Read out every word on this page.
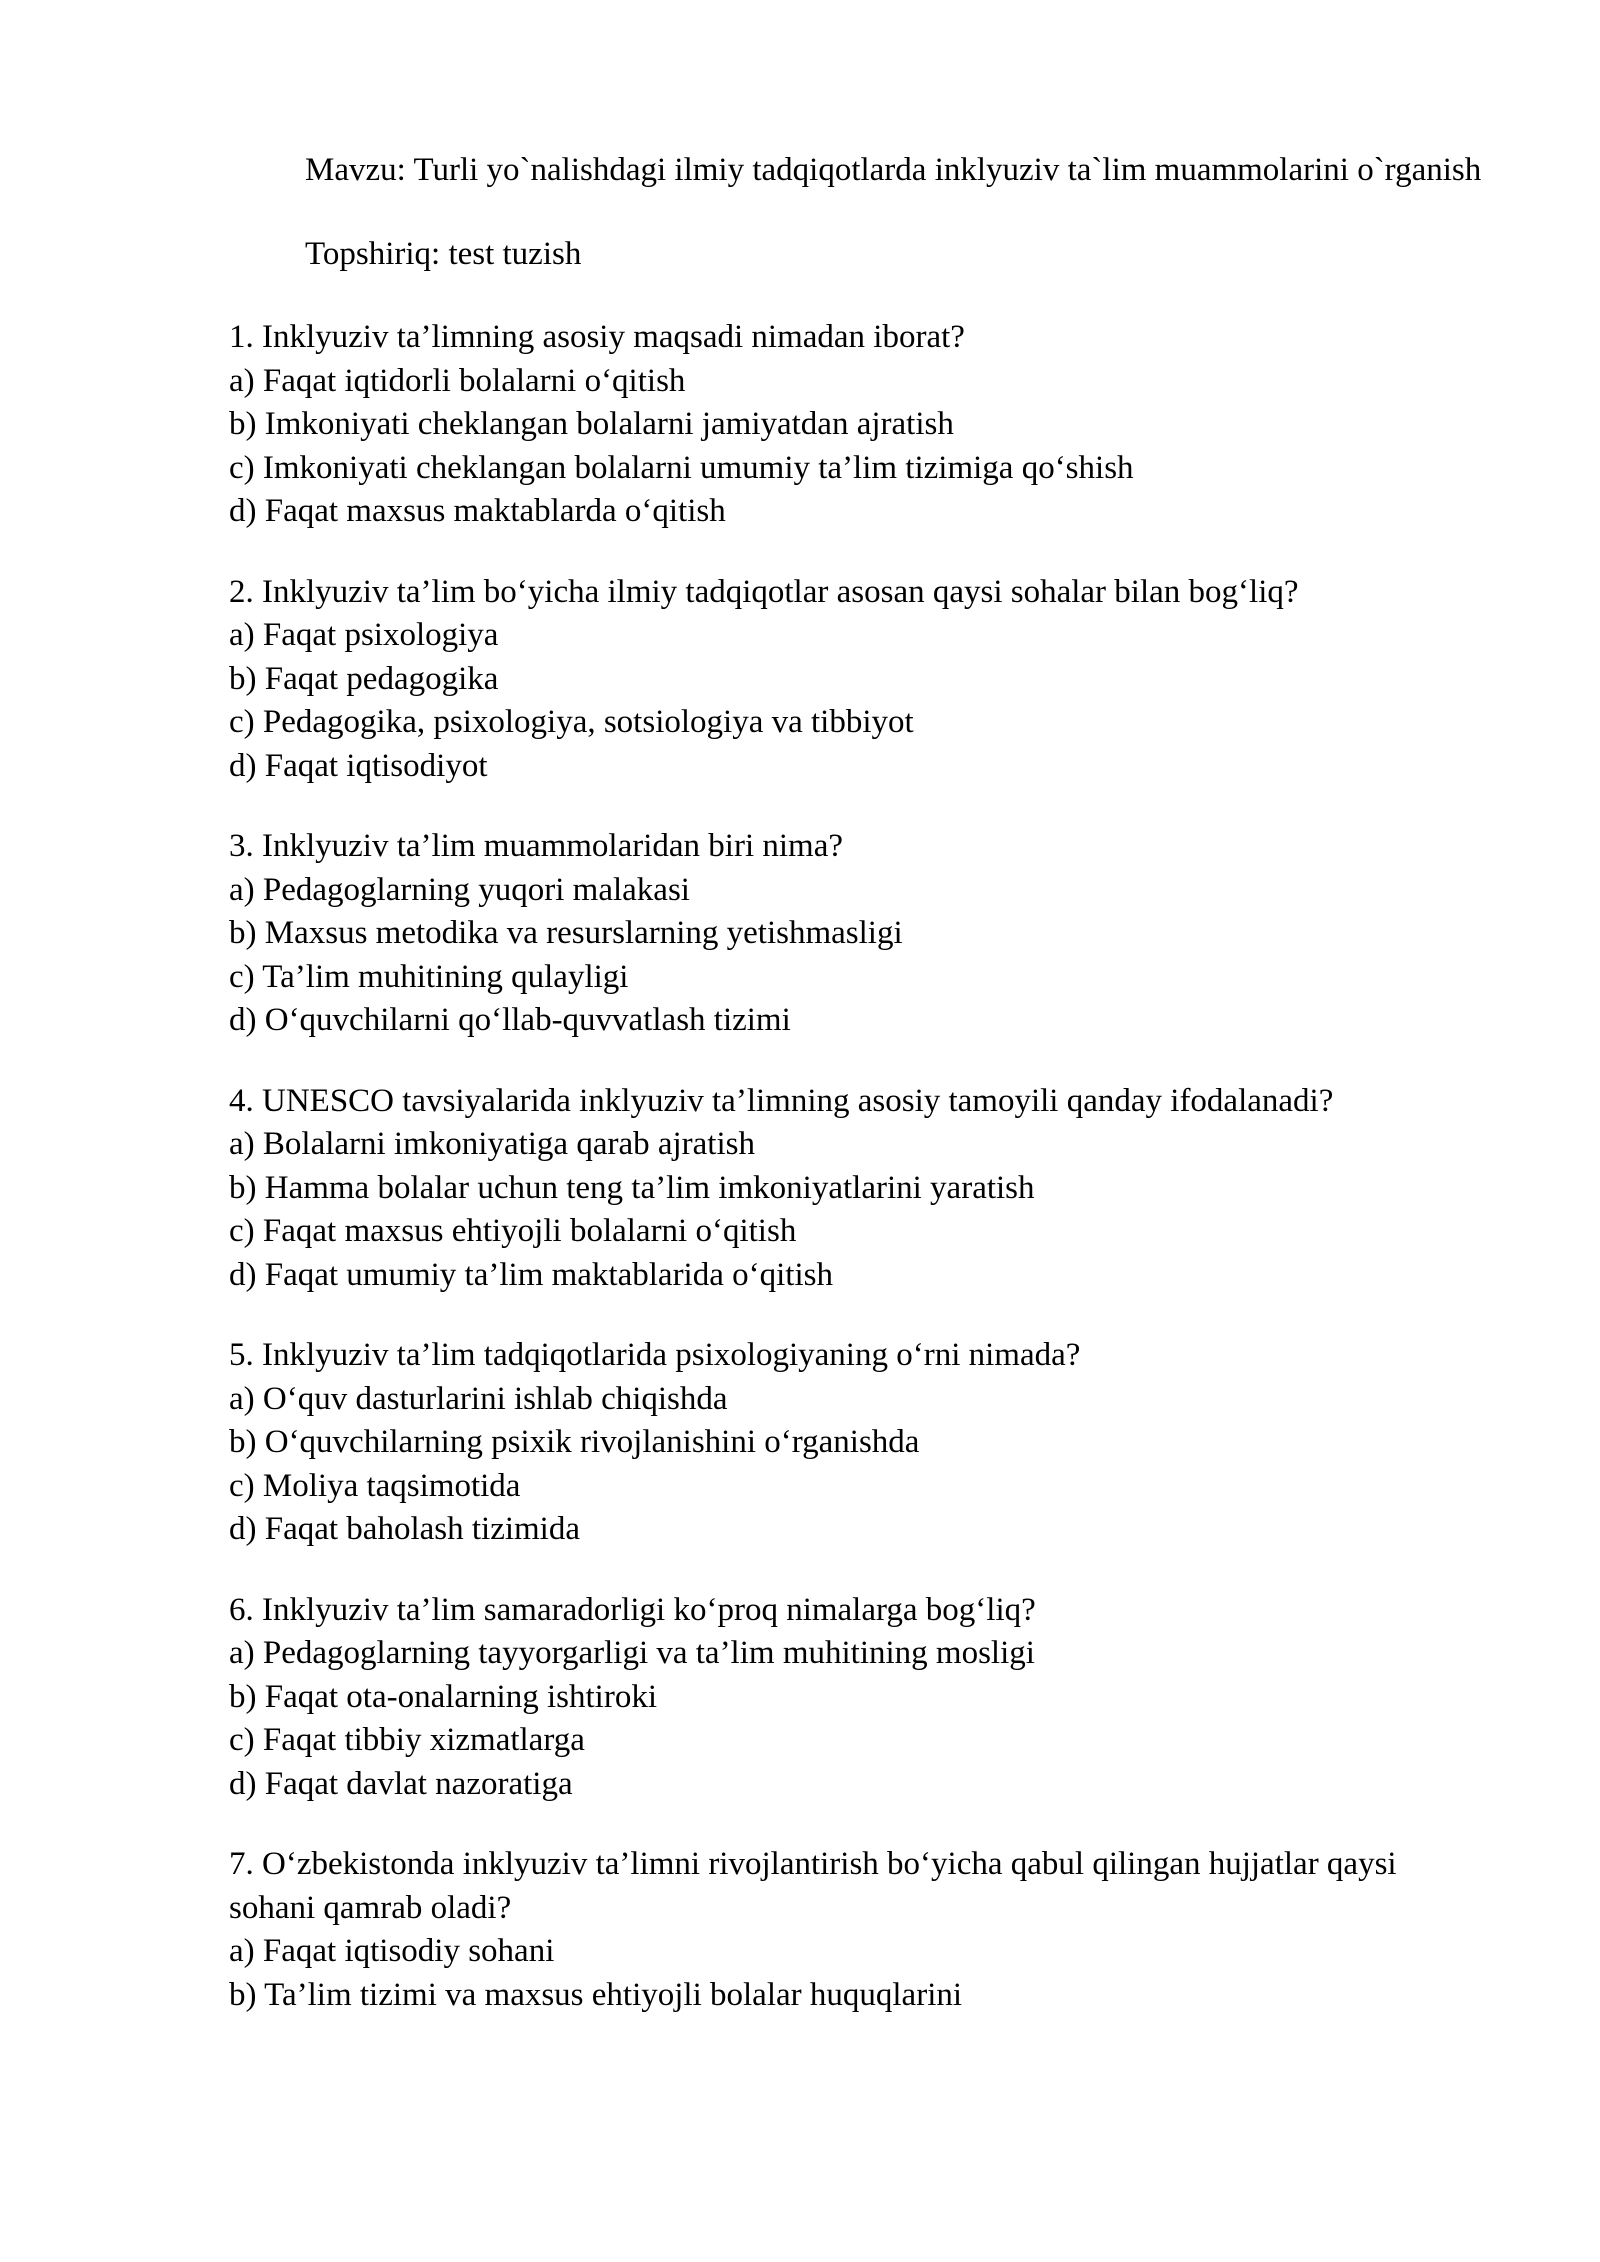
Mavzu: Turli yo`nalishdagi ilmiy tadqiqotlarda inklyuziv ta`lim muammolarini o`rganish

Topshiriq: test tuzish

1. Inklyuziv ta’limning asosiy maqsadi nimadan iborat?

a) Faqat iqtidorli bolalarni o‘qitish

b) Imkoniyati cheklangan bolalarni jamiyatdan ajratish

c) Imkoniyati cheklangan bolalarni umumiy ta’lim tizimiga qo‘shish

d) Faqat maxsus maktablarda o‘qitish

2. Inklyuziv ta’lim bo‘yicha ilmiy tadqiqotlar asosan qaysi sohalar bilan bog‘liq?

a) Faqat psixologiya

b) Faqat pedagogika

c) Pedagogika, psixologiya, sotsiologiya va tibbiyot

d) Faqat iqtisodiyot

3. Inklyuziv ta’lim muammolaridan biri nima?

a) Pedagoglarning yuqori malakasi

b) Maxsus metodika va resurslarning yetishmasligi

c) Ta’lim muhitining qulayligi

d) O‘quvchilarni qo‘llab-quvvatlash tizimi

4. UNESCO tavsiyalarida inklyuziv ta’limning asosiy tamoyili qanday ifodalanadi?

a) Bolalarni imkoniyatiga qarab ajratish

b) Hamma bolalar uchun teng ta’lim imkoniyatlarini yaratish

c) Faqat maxsus ehtiyojli bolalarni o‘qitish

d) Faqat umumiy ta’lim maktablarida o‘qitish

5. Inklyuziv ta’lim tadqiqotlarida psixologiyaning o‘rni nimada?

a) O‘quv dasturlarini ishlab chiqishda

b) O‘quvchilarning psixik rivojlanishini o‘rganishda

c) Moliya taqsimotida

d) Faqat baholash tizimida

6. Inklyuziv ta’lim samaradorligi ko‘proq nimalarga bog‘liq?

a) Pedagoglarning tayyorgarligi va ta’lim muhitining mosligi

b) Faqat ota-onalarning ishtiroki

c) Faqat tibbiy xizmatlarga

d) Faqat davlat nazoratiga

7. O‘zbekistonda inklyuziv ta’limni rivojlantirish bo‘yicha qabul qilingan hujjatlar qaysi sohani qamrab oladi?

a) Faqat iqtisodiy sohani

b) Ta’lim tizimi va maxsus ehtiyojli bolalar huquqlarini
